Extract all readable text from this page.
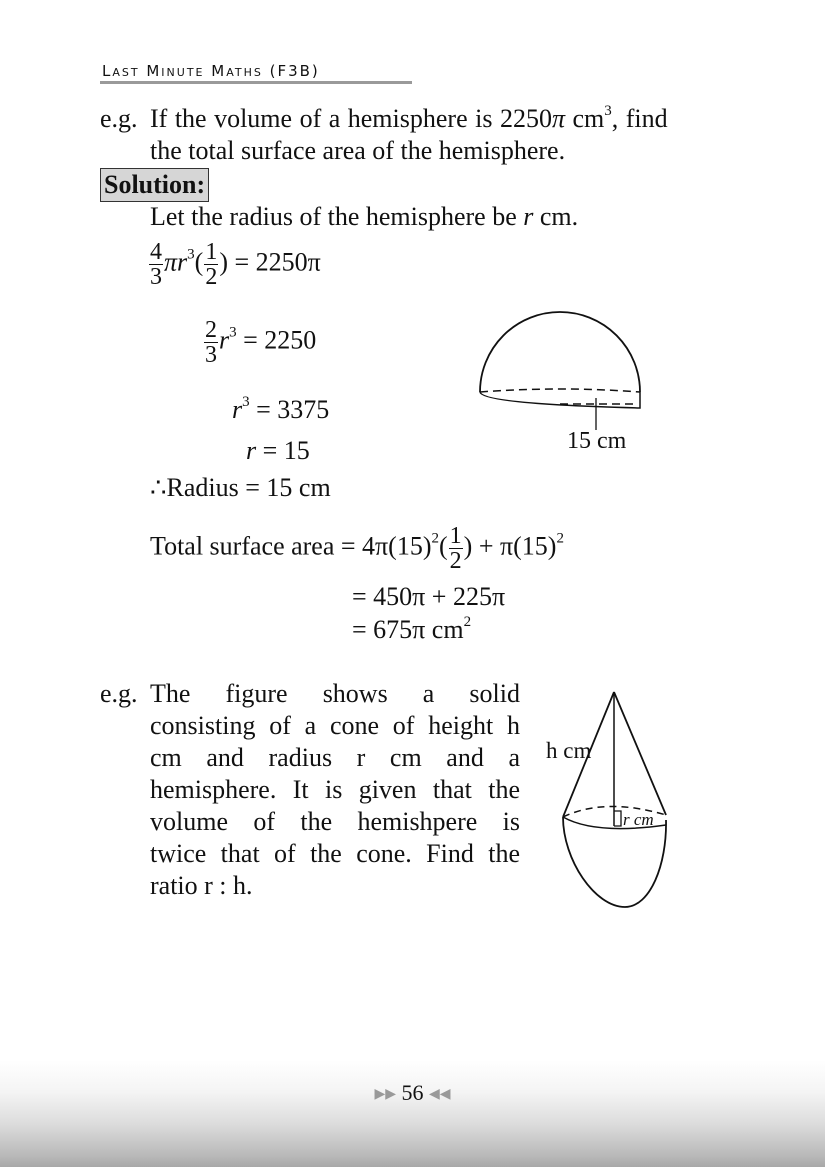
Last Minute Maths (F3B)
e.g. If the volume of a hemisphere is 2250π $cm^3$, find
the total surface area of the hemisphere.
Solution:
Let the radius of the hemisphere be r cm.
$\frac{4}{3} \pi r^3( \frac{1}{2}$ ) = 2250π
$\frac{2}{3} r^3 = 2250$
$r^3 = 3375$
r = 15
∴Radius = 15 cm
Total surface area = $4\pi(15)^2( \frac{1}{2}$ ) + $\pi(15)^2$
= 450π + 225π
= 675π $cm^2$
15 cm
e.g. The figure shows a solid
consisting of a cone of height h
cm and radius r cm and a
hemisphere. It is given that the
volume of the hemishpere is
twice that of the cone. Find the
ratio r : h.
h cm
r cm
▶▶ 56 ◀◀
